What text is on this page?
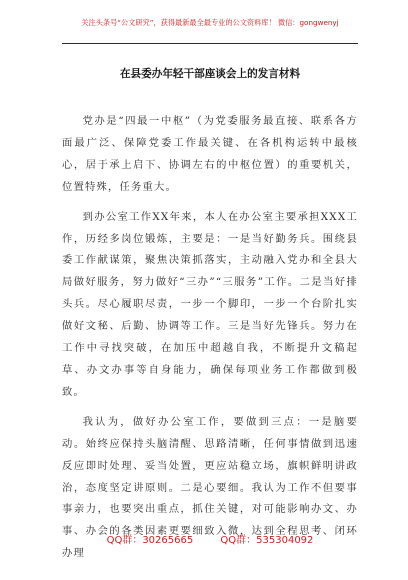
关注头条号“公文研究”，获得最新最全最专业的公文资料库！ 微信：gongwenyj
在县委办年轻干部座谈会上的发言材料

党办是“四最一中枢”（为党委服务最直接、联系各方面最广泛、保障党委工作最关键、在各机构运转中最核心，居于承上启下、协调左右的中枢位置）的重要机关，位置特殊，任务重大。

到办公室工作XX年来，本人在办公室主要承担XXX工作，历经多岗位锻炼，主要是：一是当好勤务兵。围绕县委工作献谋策，聚焦决策抓落实，主动融入党办和全县大局做好服务，努力做好“三办”“三服务”工作。二是当好排头兵。尽心履职尽责，一步一个脚印，一步一个台阶扎实做好文秘、后勤、协调等工作。三是当好先锋兵。努力在工作中寻找突破，在加压中超越自我，不断提升文稿起草、办文办事等自身能力，确保每项业务工作都做到极致。

我认为，做好办公室工作，要做到三点：一是脑要动。始终应保持头脑清醒、思路清晰，任何事情做到迅速反应即时处理、妥当处置，更应站稳立场，旗帜鲜明讲政治，态度坚定讲原则。二是心要细。我认为工作不但要事事亲力，也要突出重点，抓住关键，对可能影响办文、办事、办会的各类因素更要细致入微，达到全程思考、闭环办理

QQ群：30265665	QQ群：535304092
